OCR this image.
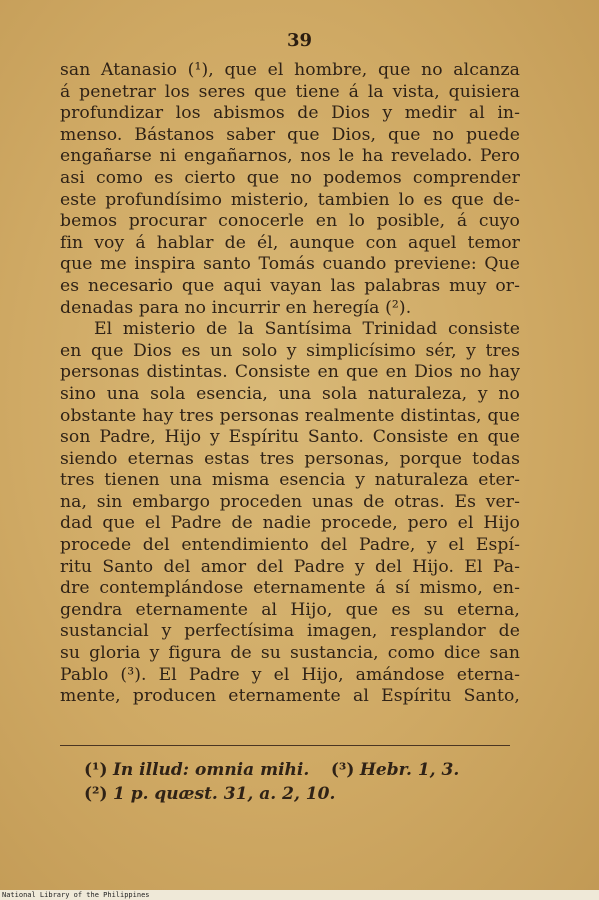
39
san Atanasio (¹), que el hombre, que no alcanza
á penetrar los seres que tiene á la vista, quisiera
profundizar los abismos de Dios y medir al in-
menso. Bástanos saber que Dios, que no puede
engañarse ni engañarnos, nos le ha revelado. Pero
asi como es cierto que no podemos comprender
este profundísimo misterio, tambien lo es que de-
bemos procurar conocerle en lo posible, á cuyo
fin voy á hablar de él, aunque con aquel temor
que me inspira santo Tomás cuando previene: Que
es necesario que aqui vayan las palabras muy or-
denadas para no incurrir en heregía (²).
El misterio de la Santísima Trinidad consiste
en que Dios es un solo y simplicísimo sér, y tres
personas distintas. Consiste en que en Dios no hay
sino una sola esencia, una sola naturaleza, y no
obstante hay tres personas realmente distintas, que
son Padre, Hijo y Espíritu Santo. Consiste en que
siendo eternas estas tres personas, porque todas
tres tienen una misma esencia y naturaleza eter-
na, sin embargo proceden unas de otras. Es ver-
dad que el Padre de nadie procede, pero el Hijo
procede del entendimiento del Padre, y el Espí-
ritu Santo del amor del Padre y del Hijo. El Pa-
dre contemplándose eternamente á sí mismo, en-
gendra eternamente al Hijo, que es su eterna,
sustancial y perfectísima imagen, resplandor de
su gloria y figura de su sustancia, como dice san
Pablo (³). El Padre y el Hijo, amándose eterna-
mente, producen eternamente al Espíritu Santo,
(¹) In illud: omnia mihi. (³) Hebr. 1, 3.
(²) 1 p. quæst. 31, a. 2, 10.
National Library of the Philippines
